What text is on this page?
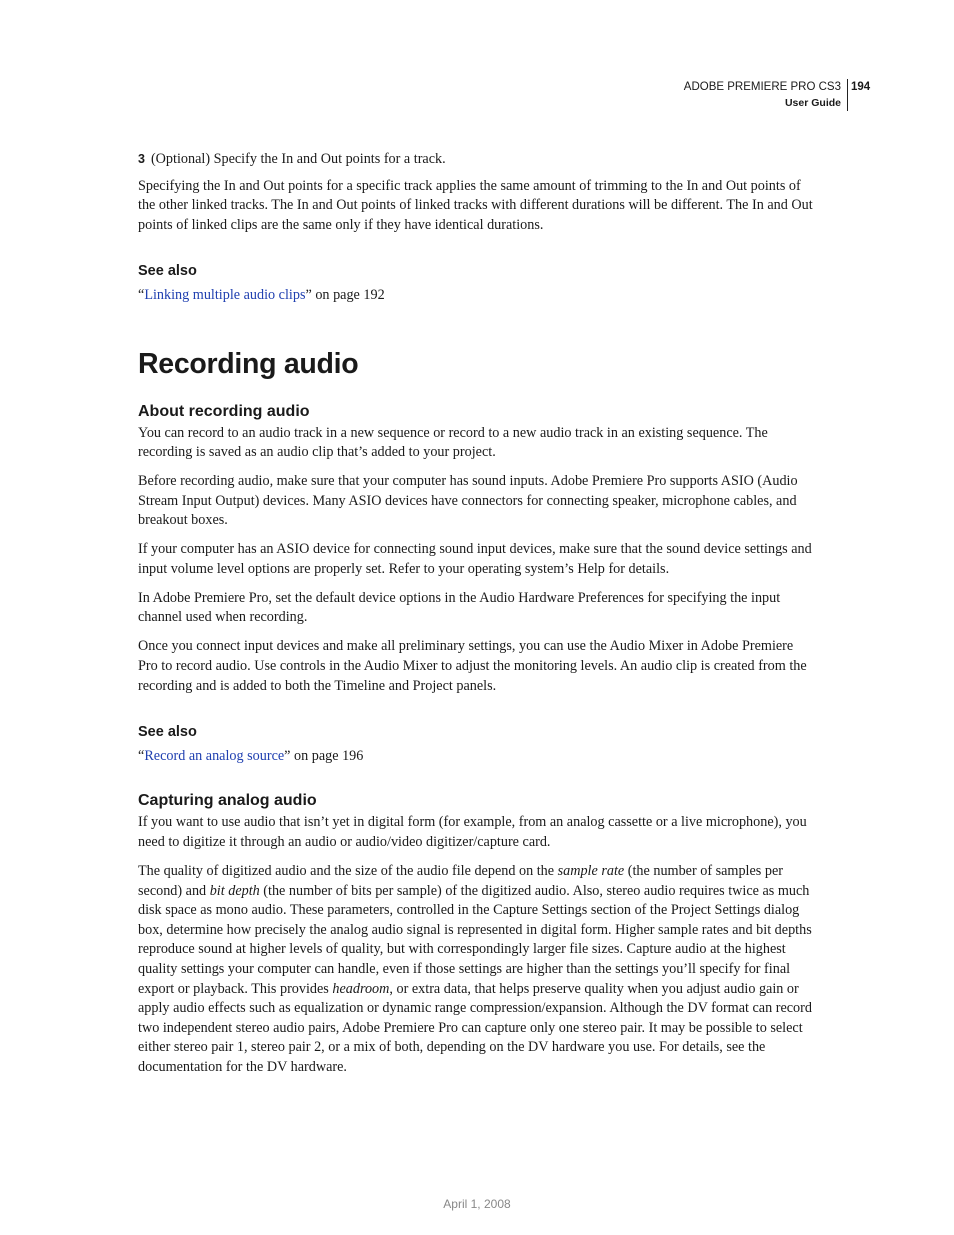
ADOBE PREMIERE PRO CS3
User Guide
194

3 (Optional) Specify the In and Out points for a track.

Specifying the In and Out points for a specific track applies the same amount of trimming to the In and Out points of the other linked tracks. The In and Out points of linked tracks with different durations will be different. The In and Out points of linked clips are the same only if they have identical durations.

See also

“Linking multiple audio clips” on page 192

Recording audio
About recording audio

You can record to an audio track in a new sequence or record to a new audio track in an existing sequence. The recording is saved as an audio clip that’s added to your project.

Before recording audio, make sure that your computer has sound inputs. Adobe Premiere Pro supports ASIO (Audio Stream Input Output) devices. Many ASIO devices have connectors for connecting speaker, microphone cables, and breakout boxes.

If your computer has an ASIO device for connecting sound input devices, make sure that the sound device settings and input volume level options are properly set. Refer to your operating system’s Help for details.

In Adobe Premiere Pro, set the default device options in the Audio Hardware Preferences for specifying the input channel used when recording.

Once you connect input devices and make all preliminary settings, you can use the Audio Mixer in Adobe Premiere Pro to record audio. Use controls in the Audio Mixer to adjust the monitoring levels. An audio clip is created from the recording and is added to both the Timeline and Project panels.

See also

“Record an analog source” on page 196

Capturing analog audio

If you want to use audio that isn’t yet in digital form (for example, from an analog cassette or a live microphone), you need to digitize it through an audio or audio/video digitizer/capture card.

The quality of digitized audio and the size of the audio file depend on the sample rate (the number of samples per second) and bit depth (the number of bits per sample) of the digitized audio. Also, stereo audio requires twice as much disk space as mono audio. These parameters, controlled in the Capture Settings section of the Project Settings dialog box, determine how precisely the analog audio signal is represented in digital form. Higher sample rates and bit depths reproduce sound at higher levels of quality, but with correspondingly larger file sizes. Capture audio at the highest quality settings your computer can handle, even if those settings are higher than the settings you’ll specify for final export or playback. This provides headroom, or extra data, that helps preserve quality when you adjust audio gain or apply audio effects such as equalization or dynamic range compression/expansion. Although the DV format can record two independent stereo audio pairs, Adobe Premiere Pro can capture only one stereo pair. It may be possible to select either stereo pair 1, stereo pair 2, or a mix of both, depending on the DV hardware you use. For details, see the documentation for the DV hardware.

April 1, 2008
